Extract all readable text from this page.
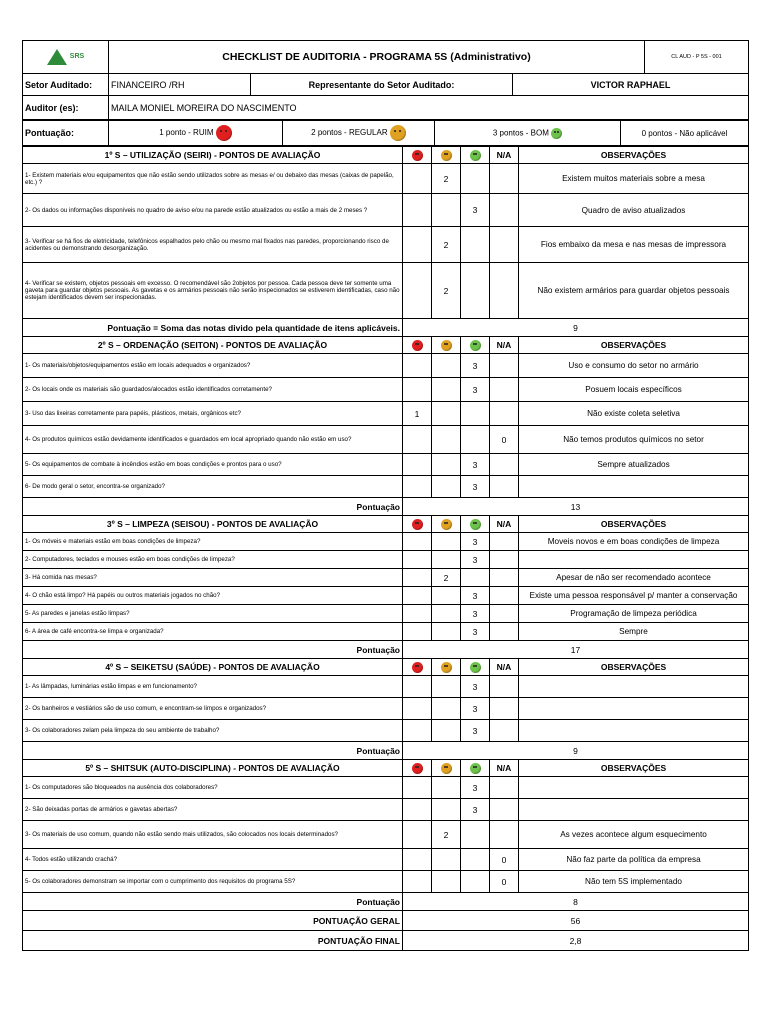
SRS	CHECKLIST DE AUDITORIA - PROGRAMA 5S (Administrativo)			CL AUD - P 5S - 001
Setor Auditado:	FINANCEIRO /RH	Representante do Setor Auditado:	VICTOR RAPHAEL	
Auditor (es):	MAILA MONIEL MOREIRA DO NASCIMENTO			
Pontuação:	1 ponto - RUIM	2 pontos - REGULAR	3 pontos - BOM	0 pontos - Não aplicável
1º S – UTILIZAÇÃO (SEIRI) - PONTOS DE AVALIAÇÃO				N/A	OBSERVAÇÕES
1- Existem materiais e/ou equipamentos que não estão sendo utilizados sobre as mesas e/ ou debaixo das mesas (caixas de papelão, etc.) ?		2			Existem muitos materiais sobre a mesa
2- Os dados ou informações disponíveis no quadro de aviso e/ou na parede estão atualizados ou estão a mais de 2 meses ?			3		Quadro de aviso atualizados
3- Verificar se há fios de eletricidade, telefônicos espalhados pelo chão ou mesmo mal fixados nas paredes, proporcionando risco de acidentes ou demonstrando desorganização.		2			Fios embaixo da mesa e nas mesas de impressora
4- Verificar se existem, objetos pessoais em excesso. O recomendável são 2objetos por pessoa. Cada pessoa deve ter somente uma gaveta para guardar objetos pessoais. As gavetas e os armários pessoais não serão inspecionados se estiverem identificadas, caso não estejam identificados devem ser inspecionadas.		2			Não existem armários para guardar objetos pessoais
Pontuação = Soma das notas divido pela quantidade de itens aplicáveis.	9				
2º S – ORDENAÇÃO (SEITON) - PONTOS DE AVALIAÇÃO				N/A	OBSERVAÇÕES
1- Os materiais/objetos/equipamentos estão em locais adequados e organizados?			3		Uso e consumo do setor no armário
2- Os locais onde os materiais são guardados/alocados estão identificados corretamente?			3		Posuem locais específicos
3- Uso das lixeiras corretamente para papéis, plásticos, metais, orgânicos etc?	1				Não existe coleta seletiva
4- Os produtos químicos estão devidamente identificados e guardados em local apropriado quando não estão em uso?				0	Não temos produtos químicos no setor
5- Os equipamentos de combate à incêndios estão em boas condições e prontos para o uso?			3		Sempre atualizados
6- De modo geral o setor, encontra-se organizado?			3		
Pontuação	13				
3º S – LIMPEZA (SEISOU) - PONTOS DE AVALIAÇÃO				N/A	OBSERVAÇÕES
1- Os móveis e materiais estão em boas condições de limpeza?			3		Moveis novos e em boas condições de limpeza
2- Computadores, teclados e mouses estão em boas condições de limpeza?			3		
3- Há comida nas mesas?		2			Apesar de não ser recomendado acontece
4- O chão está limpo? Há papéis ou outros materiais jogados no chão?			3		Existe uma pessoa responsável p/ manter a conservação
5- As paredes e janelas estão limpas?			3		Programação de limpeza periódica
6- A área de café encontra-se limpa e organizada?			3		Sempre
Pontuação	17				
4º S – SEIKETSU (SAÚDE) - PONTOS DE AVALIAÇÃO				N/A	OBSERVAÇÕES
1- As lâmpadas, luminárias estão limpas e em funcionamento?			3		
2- Os banheiros e vestiários são de uso comum, e encontram-se limpos e organizados?			3		
3- Os colaboradores zelam pela limpeza do seu ambiente de trabalho?			3		
Pontuação	9				
5º S – SHITSUK (AUTO-DISCIPLINA) - PONTOS DE AVALIAÇÃO				N/A	OBSERVAÇÕES
1- Os computadores são bloqueados na ausência dos colaboradores?			3		
2- São deixadas portas de armários e gavetas abertas?			3		
3- Os materiais de uso comum, quando não estão sendo mais utilizados, são colocados nos locais determinados?		2			As vezes acontece algum esquecimento
4- Todos estão utilizando crachá?				0	Não faz parte da política da empresa
5- Os colaboradores demonstram se importar com o cumprimento dos requisitos do programa 5S?				0	Não tem 5S implementado
Pontuação	8				
PONTUAÇÃO GERAL	56				
PONTUAÇÃO FINAL	2,8				
